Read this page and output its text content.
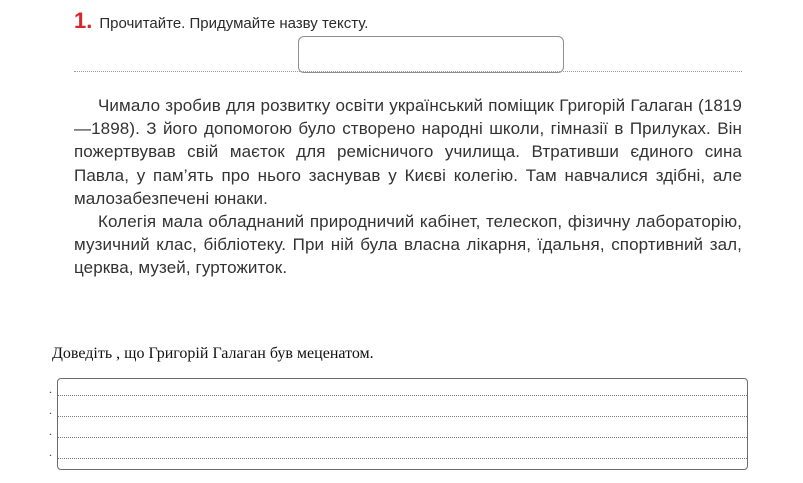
1. Прочитайте. Придумайте назву тексту.

Чимало зробив для розвитку освіти український поміщик Григорій Галаган (1819—1898). З його допомогою було створено народні школи, гімназії в Прилуках. Він пожертвував свій маєток для ремісничого училища. Втративши єдиного сина Павла, у пам’ять про нього заснував у Києві колегію. Там навчалися здібні, але малозабезпечені юнаки.

Колегія мала обладнаний природничий кабінет, телескоп, фізичну лабораторію, музичний клас, бібліотеку. При ній була власна лікарня, їдальня, спортивний зал, церква, музей, гуртожиток.

Доведіть , що Григорій Галаган був меценатом.
.
.
.
.
